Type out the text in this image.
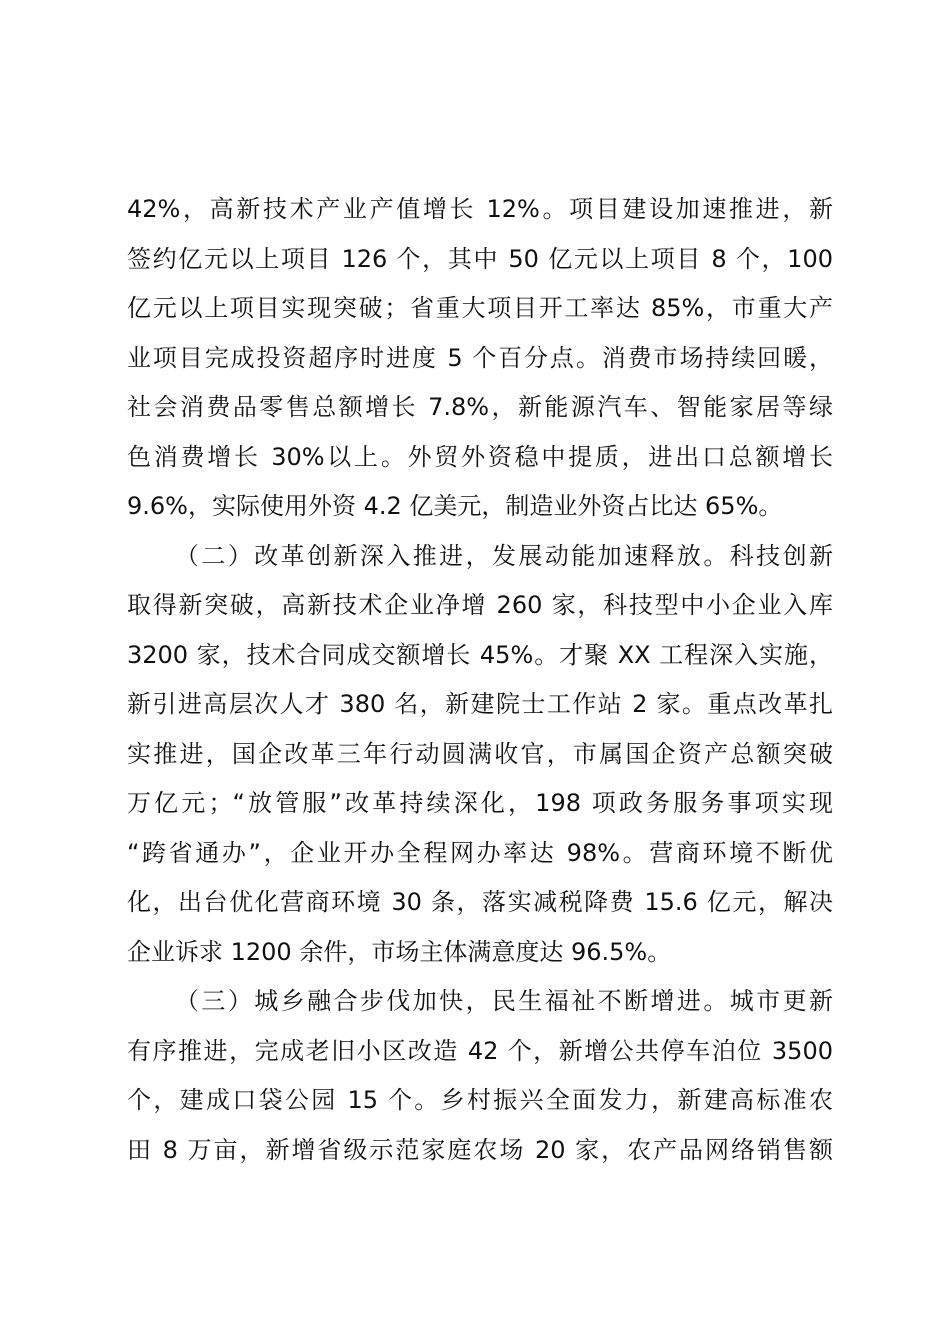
42%，高新技术产业产值增长 12%。项目建设加速推进，新
签约亿元以上项目 126 个，其中 50 亿元以上项目 8 个，100
亿元以上项目实现突破；省重大项目开工率达 85%，市重大产
业项目完成投资超序时进度 5 个百分点。消费市场持续回暖，
社会消费品零售总额增长 7.8%，新能源汽车、智能家居等绿
色消费增长 30%以上。外贸外资稳中提质，进出口总额增长
9.6%，实际使用外资 4.2 亿美元，制造业外资占比达 65%。
（二）改革创新深入推进，发展动能加速释放。科技创新
取得新突破，高新技术企业净增 260 家，科技型中小企业入库
3200 家，技术合同成交额增长 45%。才聚 XX 工程深入实施，
新引进高层次人才 380 名，新建院士工作站 2 家。重点改革扎
实推进，国企改革三年行动圆满收官，市属国企资产总额突破
万亿元；“放管服”改革持续深化，198 项政务服务事项实现
“跨省通办”，企业开办全程网办率达 98%。营商环境不断优
化，出台优化营商环境 30 条，落实减税降费 15.6 亿元，解决
企业诉求 1200 余件，市场主体满意度达 96.5%。
（三）城乡融合步伐加快，民生福祉不断增进。城市更新
有序推进，完成老旧小区改造 42 个，新增公共停车泊位 3500
个，建成口袋公园 15 个。乡村振兴全面发力，新建高标准农
田 8 万亩，新增省级示范家庭农场 20 家，农产品网络销售额
